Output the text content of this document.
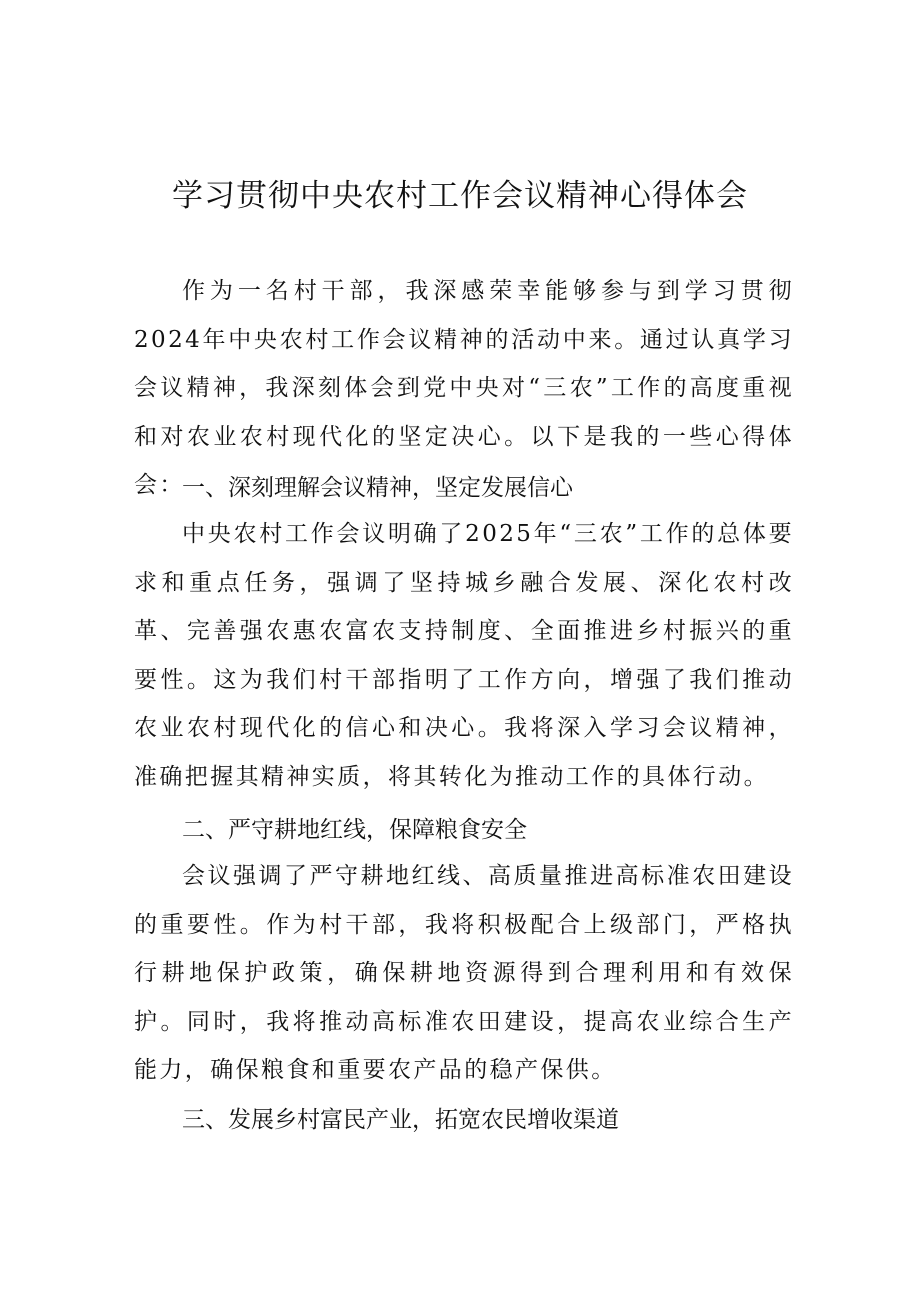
学习贯彻中央农村工作会议精神心得体会

作为一名村干部，我深感荣幸能够参与到学习贯彻2024年中央农村工作会议精神的活动中来。通过认真学习会议精神，我深刻体会到党中央对“三农”工作的高度重视和对农业农村现代化的坚定决心。以下是我的一些心得体会：

一、深刻理解会议精神，坚定发展信心

中央农村工作会议明确了2025年“三农”工作的总体要求和重点任务，强调了坚持城乡融合发展、深化农村改革、完善强农惠农富农支持制度、全面推进乡村振兴的重要性。这为我们村干部指明了工作方向，增强了我们推动农业农村现代化的信心和决心。我将深入学习会议精神，准确把握其精神实质，将其转化为推动工作的具体行动。

二、严守耕地红线，保障粮食安全

会议强调了严守耕地红线、高质量推进高标准农田建设的重要性。作为村干部，我将积极配合上级部门，严格执行耕地保护政策，确保耕地资源得到合理利用和有效保护。同时，我将推动高标准农田建设，提高农业综合生产能力，确保粮食和重要农产品的稳产保供。

三、发展乡村富民产业，拓宽农民增收渠道
